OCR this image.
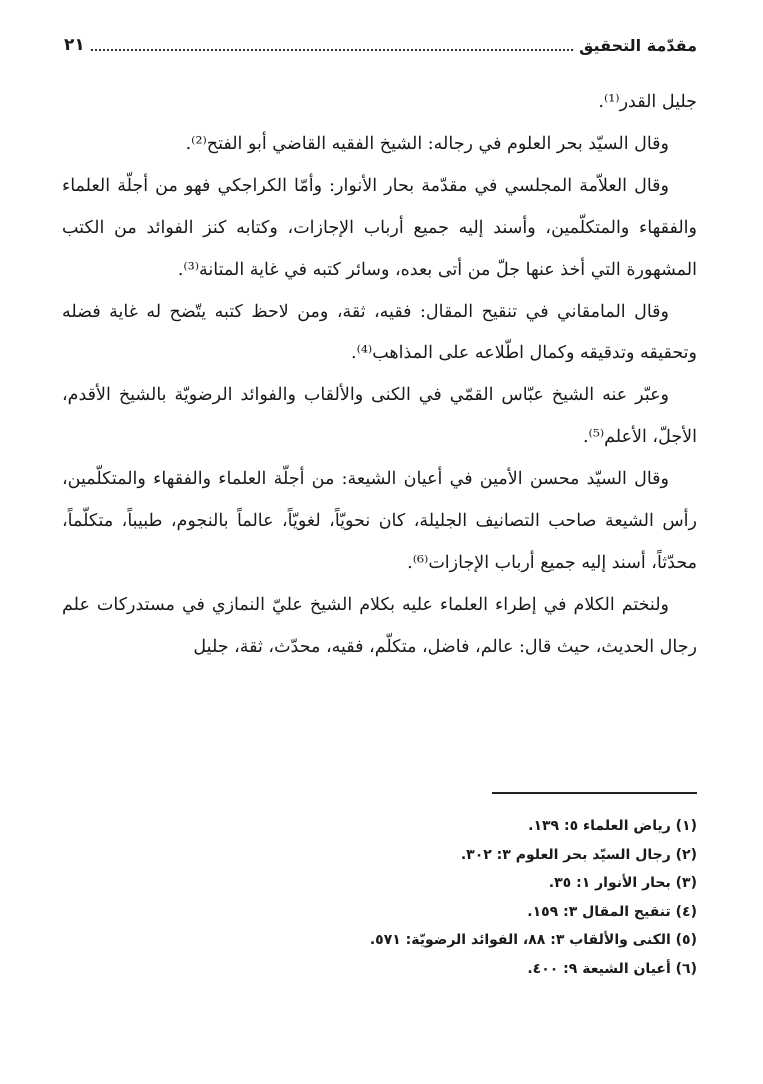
مقدّمة التحقيق
٢١

جليل القدر⁽¹⁾.

وقال السيّد بحر العلوم في رجاله: الشيخ الفقيه القاضي أبو الفتح⁽²⁾.

وقال العلاّمة المجلسي في مقدّمة بحار الأنوار: وأمّا الكراجكي فهو من أجلّة العلماء والفقهاء والمتكلّمين، وأسند إليه جميع أرباب الإجازات، وكتابه كنز الفوائد من الكتب المشهورة التي أخذ عنها جلّ من أتى بعده، وسائر كتبه في غاية المتانة⁽³⁾.

وقال المامقاني في تنقيح المقال: فقيه، ثقة، ومن لاحظ كتبه يتّضح له غاية فضله وتحقيقه وتدقيقه وكمال اطّلاعه على المذاهب⁽⁴⁾.

وعبّر عنه الشيخ عبّاس القمّي في الكنى والألقاب والفوائد الرضويّة بالشيخ الأقدم، الأجلّ، الأعلم⁽⁵⁾.

وقال السيّد محسن الأمين في أعيان الشيعة: من أجلّة العلماء والفقهاء والمتكلّمين، رأس الشيعة صاحب التصانيف الجليلة، كان نحويّاً، لغويّاً، عالماً بالنجوم، طبيباً، متكلّماً، محدّثاً، أسند إليه جميع أرباب الإجازات⁽⁶⁾.

ولنختم الكلام في إطراء العلماء عليه بكلام الشيخ عليّ النمازي في مستدركات علم رجال الحديث، حيث قال: عالم، فاضل، متكلّم، فقيه، محدّث، ثقة، جليل

(١) رياض العلماء ٥: ١٣٩.
(٢) رجال السيّد بحر العلوم ٣: ٣٠٢.
(٣) بحار الأنوار ١: ٣٥.
(٤) تنقيح المقال ٣: ١٥٩.
(٥) الكنى والألقاب ٣: ٨٨، الفوائد الرضويّة: ٥٧١.
(٦) أعيان الشيعة ٩: ٤٠٠.
